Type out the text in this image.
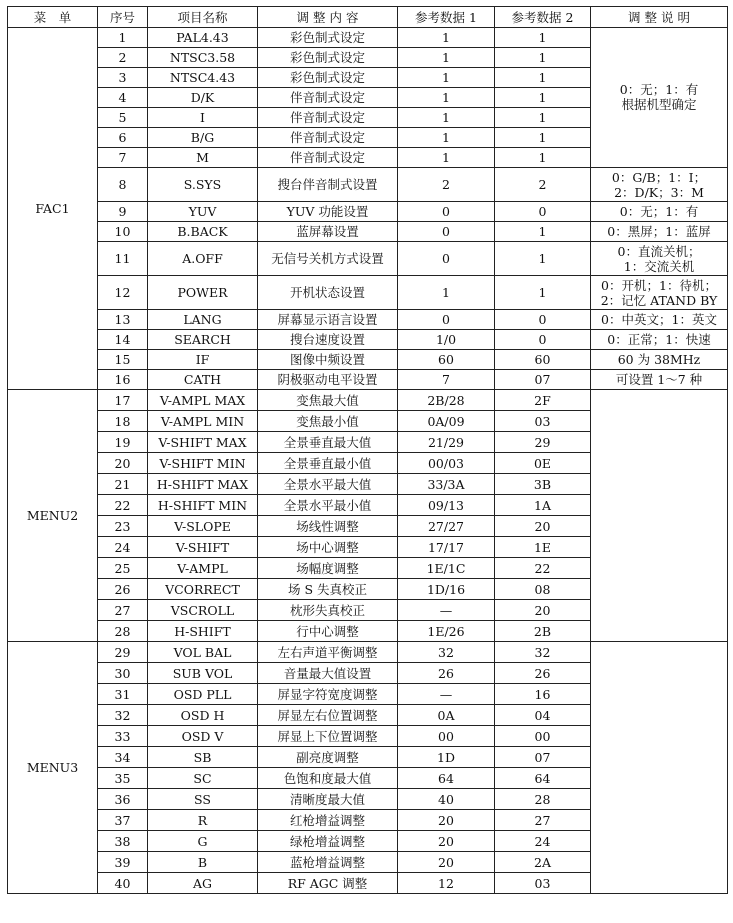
菜　单	序号	项目名称	调 整 内 容	参考数据 1	参考数据 2	调 整 说 明
FAC1	1	PAL4.43	彩色制式设定	1	1	0：无；1：有
根据机型确定
	2	NTSC3.58	彩色制式设定	1	1	
	3	NTSC4.43	彩色制式设定	1	1	
	4	D/K	伴音制式设定	1	1	
	5	I	伴音制式设定	1	1	
	6	B/G	伴音制式设定	1	1	
	7	M	伴音制式设定	1	1	
	8	S.SYS	搜台伴音制式设置	2	2	0：G/B；1：I；
2：D/K；3：M
	9	YUV	YUV 功能设置	0	0	0：无；1：有
	10	B.BACK	蓝屏幕设置	0	1	0：黑屏；1：蓝屏
	11	A.OFF	无信号关机方式设置	0	1	0：直流关机；
1：交流关机
	12	POWER	开机状态设置	1	1	0：开机；1：待机；
2：记忆 ATAND BY
	13	LANG	屏幕显示语言设置	0	0	0：中英文；1：英文
	14	SEARCH	搜台速度设置	1/0	0	0：正常；1：快速
	15	IF	图像中频设置	60	60	60 为 38MHz
	16	CATH	阴极驱动电平设置	7	07	可设置 1～7 种
MENU2	17	V-AMPL MAX	变焦最大值	2B/28	2F	
	18	V-AMPL MIN	变焦最小值	0A/09	03	
	19	V-SHIFT MAX	全景垂直最大值	21/29	29	
	20	V-SHIFT MIN	全景垂直最小值	00/03	0E	
	21	H-SHIFT MAX	全景水平最大值	33/3A	3B	
	22	H-SHIFT MIN	全景水平最小值	09/13	1A	
	23	V-SLOPE	场线性调整	27/27	20	
	24	V-SHIFT	场中心调整	17/17	1E	
	25	V-AMPL	场幅度调整	1E/1C	22	
	26	VCORRECT	场 S 失真校正	1D/16	08	
	27	VSCROLL	枕形失真校正	—	20	
	28	H-SHIFT	行中心调整	1E/26	2B	
MENU3	29	VOL BAL	左右声道平衡调整	32	32	
	30	SUB VOL	音量最大值设置	26	26	
	31	OSD PLL	屏显字符宽度调整	—	16	
	32	OSD H	屏显左右位置调整	0A	04	
	33	OSD V	屏显上下位置调整	00	00	
	34	SB	副亮度调整	1D	07	
	35	SC	色饱和度最大值	64	64	
	36	SS	清晰度最大值	40	28	
	37	R	红枪增益调整	20	27	
	38	G	绿枪增益调整	20	24	
	39	B	蓝枪增益调整	20	2A	
	40	AG	RF AGC 调整	12	03	
